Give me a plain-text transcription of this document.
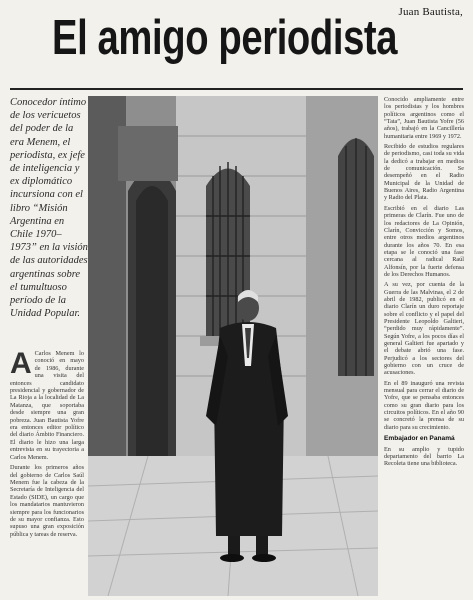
Juan Bautista,
El amigo periodista
Conocedor íntimo de los vericuetos del poder de la era Menem, el periodista, ex jefe de inteligencia y ex diplomático incursiona con el libro “Misión Argentina en Chile 1970–1973” en la visión de las autoridades argentinas sobre el tumultuoso período de la Unidad Popular.

A Carlos Menem lo conoció en mayo de 1986, durante una visita del entonces candidato presidencial y gobernador de La Rioja a la localidad de La Matanza, que soportaba desde siempre una gran pobreza. Juan Bautista Yofre era entonces editor político del diario Ámbito Financiero. El diario le hizo una larga entrevista en su trayectoria a Carlos Menem.

Durante los primeros años del gobierno de Carlos Saúl Menem fue la cabeza de la Secretaría de Inteligencia del Estado (SIDE), un cargo que los mandatarios mantuvieron siempre para los funcionarios de su mayor confianza. Esto supuso una gran exposición pública y tareas de reserva.

Conocido ampliamente entre los periodistas y los hombres políticos argentinos como el “Tata”, Juan Bautista Yofre (56 años), trabajó en la Cancillería humanitaria entre 1969 y 1972.

Recibido de estudios regulares de periodismo, casi toda su vida la dedicó a trabajar en medios de comunicación. Se desempeñó en el Radio Municipal de la Unidad de Buenos Aires, Radio Argentina y Radio del Plata.

Escribió en el diario Las primeras de Clarín. Fue uno de los redactores de La Opinión, Clarín, Convicción y Somos, entre otros medios argentinos durante los años 70. En esa etapa se le conoció una fase cercana al radical Raúl Alfonsín, por la fuerte defensa de los Derechos Humanos.

A su vez, por cuenta de la Guerra de las Malvinas, el 2 de abril de 1982, publicó en el diario Clarín un duro reportaje sobre el conflicto y el papel del Presidente Leopoldo Galtieri, “perdido muy rápidamente”. Según Yofre, a los pocos días el general Galtieri fue apartado y el debate abrió una fase. Perjudicó a los sectores del gobierno con un cruce de acusaciones.

En el 89 inauguró una revista mensual para cerrar el diario de Yofre, que se pensaba entonces como su gran diario para los circuitos políticos. En el año 90 se concretó la prensa de su diario para su crecimiento.

Embajador en Panamá

En su amplio y tupido departamento del barrio La Recoleta tiene una biblioteca.
